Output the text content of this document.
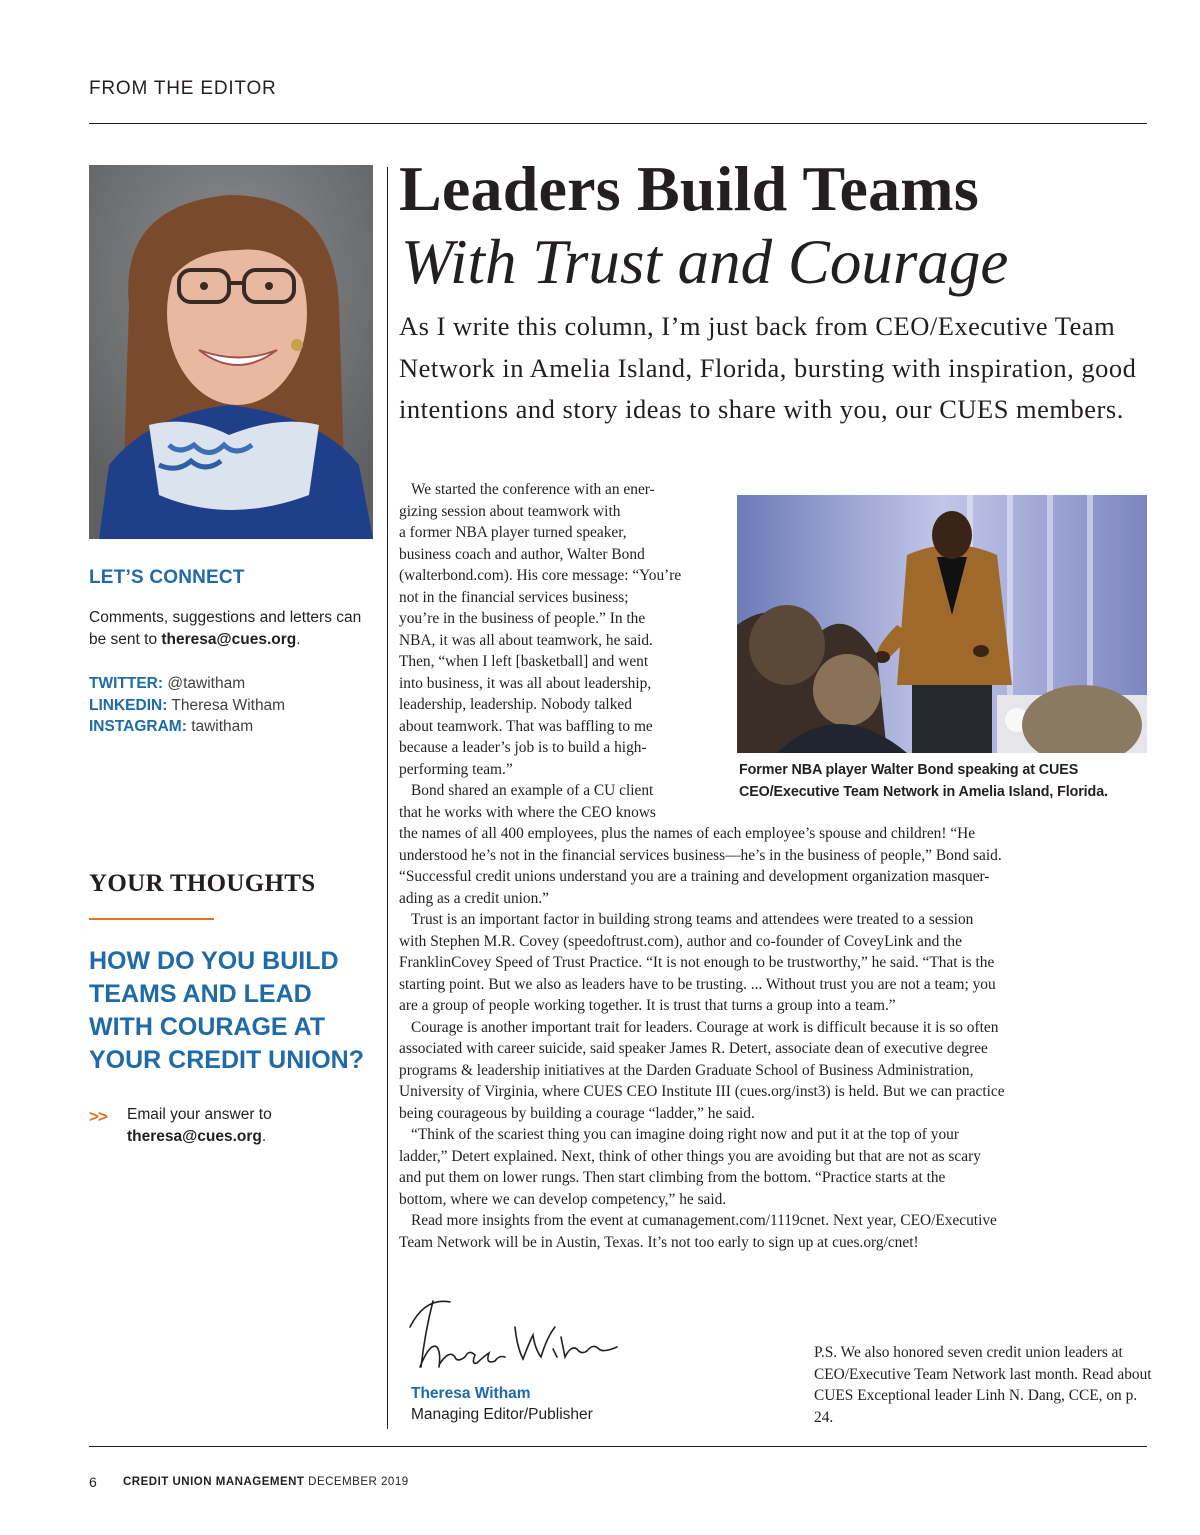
FROM THE EDITOR
LET’S CONNECT
Comments, suggestions and letters can be sent to theresa@cues.org.
TWITTER: @tawitham
LINKEDIN: Theresa Witham
INSTAGRAM: tawitham
YOUR THOUGHTS
HOW DO YOU BUILD TEAMS AND LEAD WITH COURAGE AT YOUR CREDIT UNION?
>> Email your answer to
theresa@cues.org.
Leaders Build Teams
With Trust and Courage
As I write this column, I’m just back from CEO/Executive Team Network in Amelia Island, Florida, bursting with inspiration, good intentions and story ideas to share with you, our CUES members.
We started the conference with an ener-
gizing session about teamwork with
a former NBA player turned speaker,
business coach and author, Walter Bond
(walterbond.com). His core message: “You’re
not in the financial services business;
you’re in the business of people.” In the
NBA, it was all about teamwork, he said.
Then, “when I left [basketball] and went
into business, it was all about leadership,
leadership, leadership. Nobody talked
about teamwork. That was baffling to me
because a leader’s job is to build a high-
performing team.”
Bond shared an example of a CU client
that he works with where the CEO knows
Former NBA player Walter Bond speaking at CUES CEO/Executive Team Network in Amelia Island, Florida.
the names of all 400 employees, plus the names of each employee’s spouse and children! “He
understood he’s not in the financial services business—he’s in the business of people,” Bond said.
“Successful credit unions understand you are a training and development organization masquer-
ading as a credit union.”
Trust is an important factor in building strong teams and attendees were treated to a session
with Stephen M.R. Covey (speedoftrust.com), author and co-founder of CoveyLink and the
FranklinCovey Speed of Trust Practice. “It is not enough to be trustworthy,” he said. “That is the
starting point. But we also as leaders have to be trusting. ... Without trust you are not a team; you
are a group of people working together. It is trust that turns a group into a team.”
Courage is another important trait for leaders. Courage at work is difficult because it is so often
associated with career suicide, said speaker James R. Detert, associate dean of executive degree
programs & leadership initiatives at the Darden Graduate School of Business Administration,
University of Virginia, where CUES CEO Institute III (cues.org/inst3) is held. But we can practice
being courageous by building a courage “ladder,” he said.
“Think of the scariest thing you can imagine doing right now and put it at the top of your
ladder,” Detert explained. Next, think of other things you are avoiding but that are not as scary
and put them on lower rungs. Then start climbing from the bottom. “Practice starts at the
bottom, where we can develop competency,” he said.
Read more insights from the event at cumanagement.com/1119cnet. Next year, CEO/Executive
Team Network will be in Austin, Texas. It’s not too early to sign up at cues.org/cnet!
Theresa Witham
Managing Editor/Publisher
P.S. We also honored seven credit union leaders at CEO/Executive Team Network last month. Read about CUES Exceptional leader Linh N. Dang, CCE, on p. 24.
6 CREDIT UNION MANAGEMENT DECEMBER 2019
